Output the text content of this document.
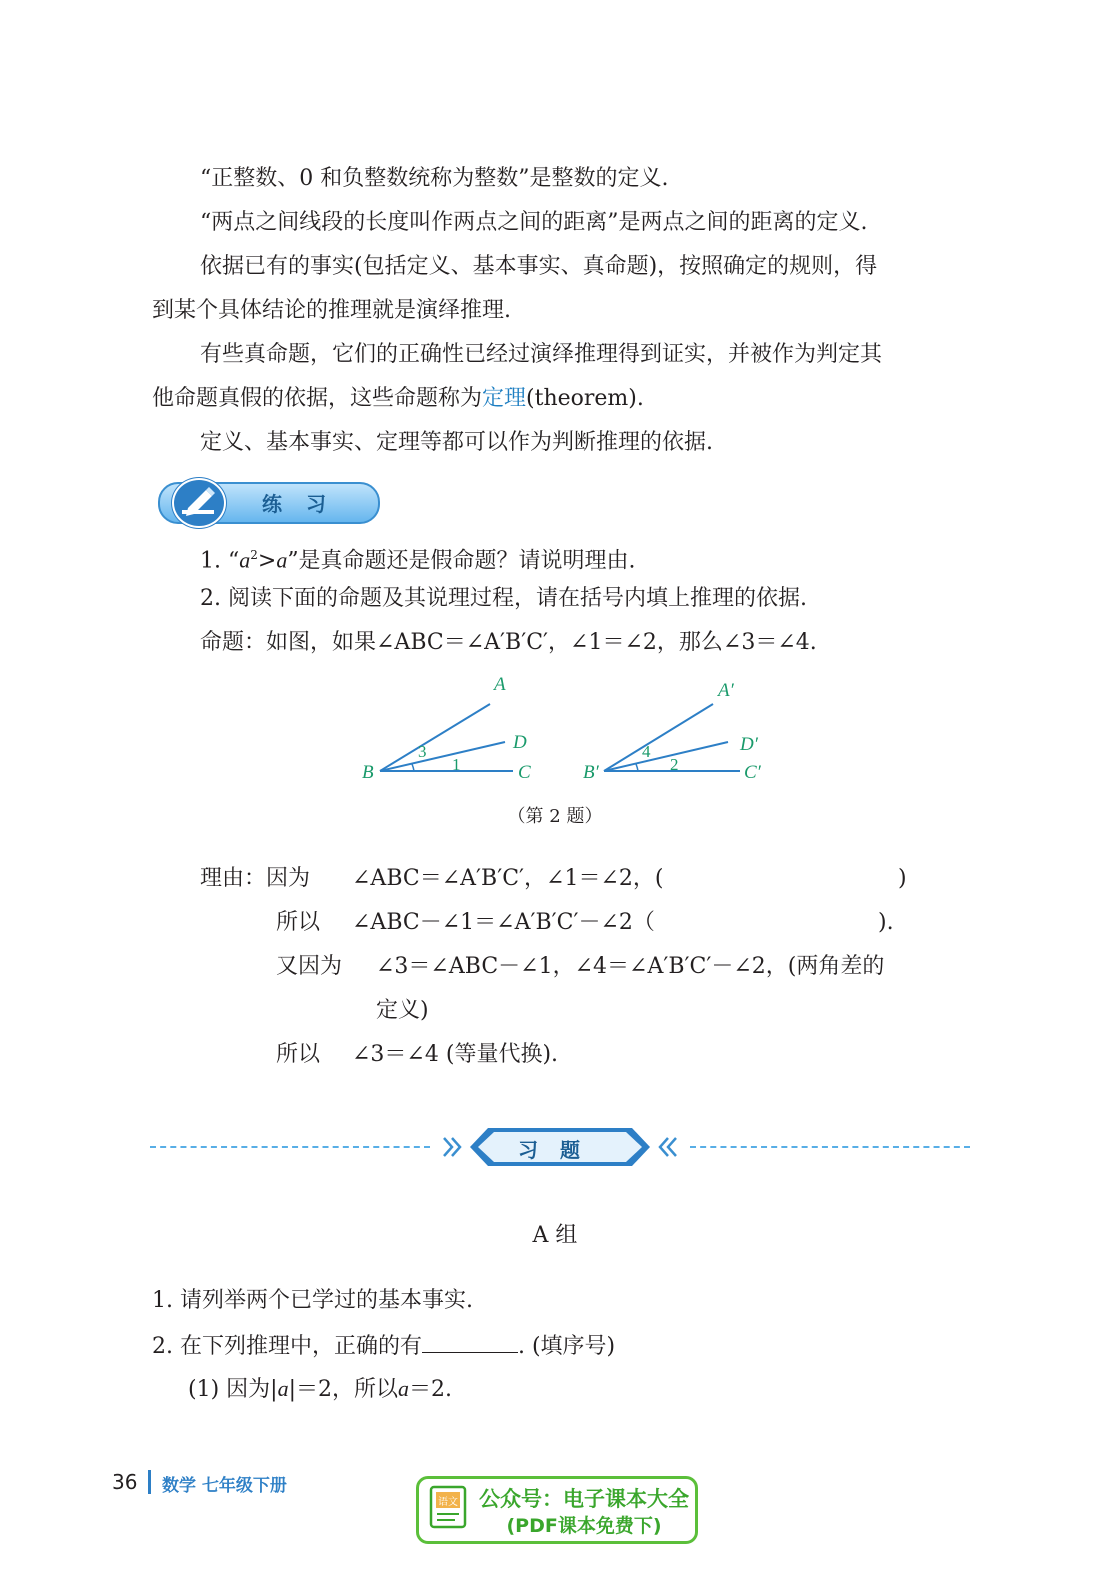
“正整数、0 和负整数统称为整数”是整数的定义.
“两点之间线段的长度叫作两点之间的距离”是两点之间的距离的定义.
依据已有的事实(包括定义、基本事实、真命题)，按照确定的规则，得
到某个具体结论的推理就是演绎推理.
有些真命题，它们的正确性已经过演绎推理得到证实，并被作为判定其
他命题真假的依据，这些命题称为定理(theorem).
定义、基本事实、定理等都可以作为判断推理的依据.
练习
1. “$a^2>a$”是真命题还是假命题？请说明理由.
2. 阅读下面的命题及其说理过程，请在括号内填上推理的依据.
命题：如图，如果∠ABC＝∠A′B′C′，∠1＝∠2，那么∠3＝∠4.
A
D
C
B
A′
D′
C′
B′
3
1
4
2
（第 2 题）
理由：因为 ∠ABC＝∠A′B′C′，∠1＝∠2，(	)
所以 ∠ABC－∠1＝∠A′B′C′－∠2（	).
又因为 ∠3＝∠ABC－∠1，∠4＝∠A′B′C′－∠2，(两角差的
定义)
所以 ∠3＝∠4 (等量代换).
习题
A 组
1. 请列举两个已学过的基本事实.
2. 在下列推理中，正确的有	. (填序号)
(1) 因为|a|＝2，所以a＝2.
36 数学 七年级下册
语文 公众号：电子课本大全
(PDF课本免费下)
